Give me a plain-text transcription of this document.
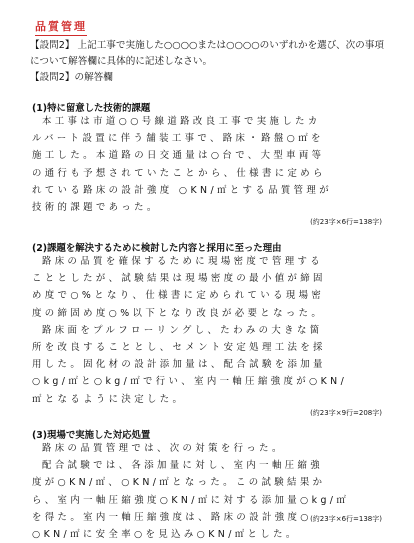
品質管理
【設問2】 上記工事で実施した○○○○または○○○○のいずれかを選び、次の事項
について解答欄に具体的に記述しなさい。
【設問2】の解答欄
(1)特に留意した技術的課題
本工事は市道○○号線道路改良工事で実施したカ
ルバート設置に伴う舗装工事で、路床・路盤○㎡を
施工した。本道路の日交通量は○台で、大型車両等
の通行も予想されていたことから、仕様書に定めら
れている路床の設計強度 ○KN/㎡とする品質管理が
技術的課題であった。
(約23字×6行=138字)
(2)課題を解決するために検討した内容と採用に至った理由
路床の品質を確保するために現場密度で管理する
こととしたが、試験結果は現場密度の最小値が締固
め度で○%となり、仕様書に定められている現場密
度の締固め度○%以下となり改良が必要となった。
路床面をプルフローリングし、たわみの大きな箇
所を改良することとし、セメント安定処理工法を採
用した。固化材の設計添加量は、配合試験を添加量
○kg/㎡と○kg/㎡で行い、室内一軸圧縮強度が○KN/
㎡となるように決定した。
(約23字×9行=208字)
(3)現場で実施した対応処置
路床の品質管理では、次の対策を行った。
配合試験では、各添加量に対し、室内一軸圧縮強
度が○KN/㎡、○KN/㎡となった。この試験結果か
ら、室内一軸圧縮強度○KN/㎡に対する添加量○kg/㎡
を得た。室内一軸圧縮強度は、路床の設計強度○
○KN/㎡に安全率○を見込み○KN/㎡とした。
(約23字×6行=138字)
